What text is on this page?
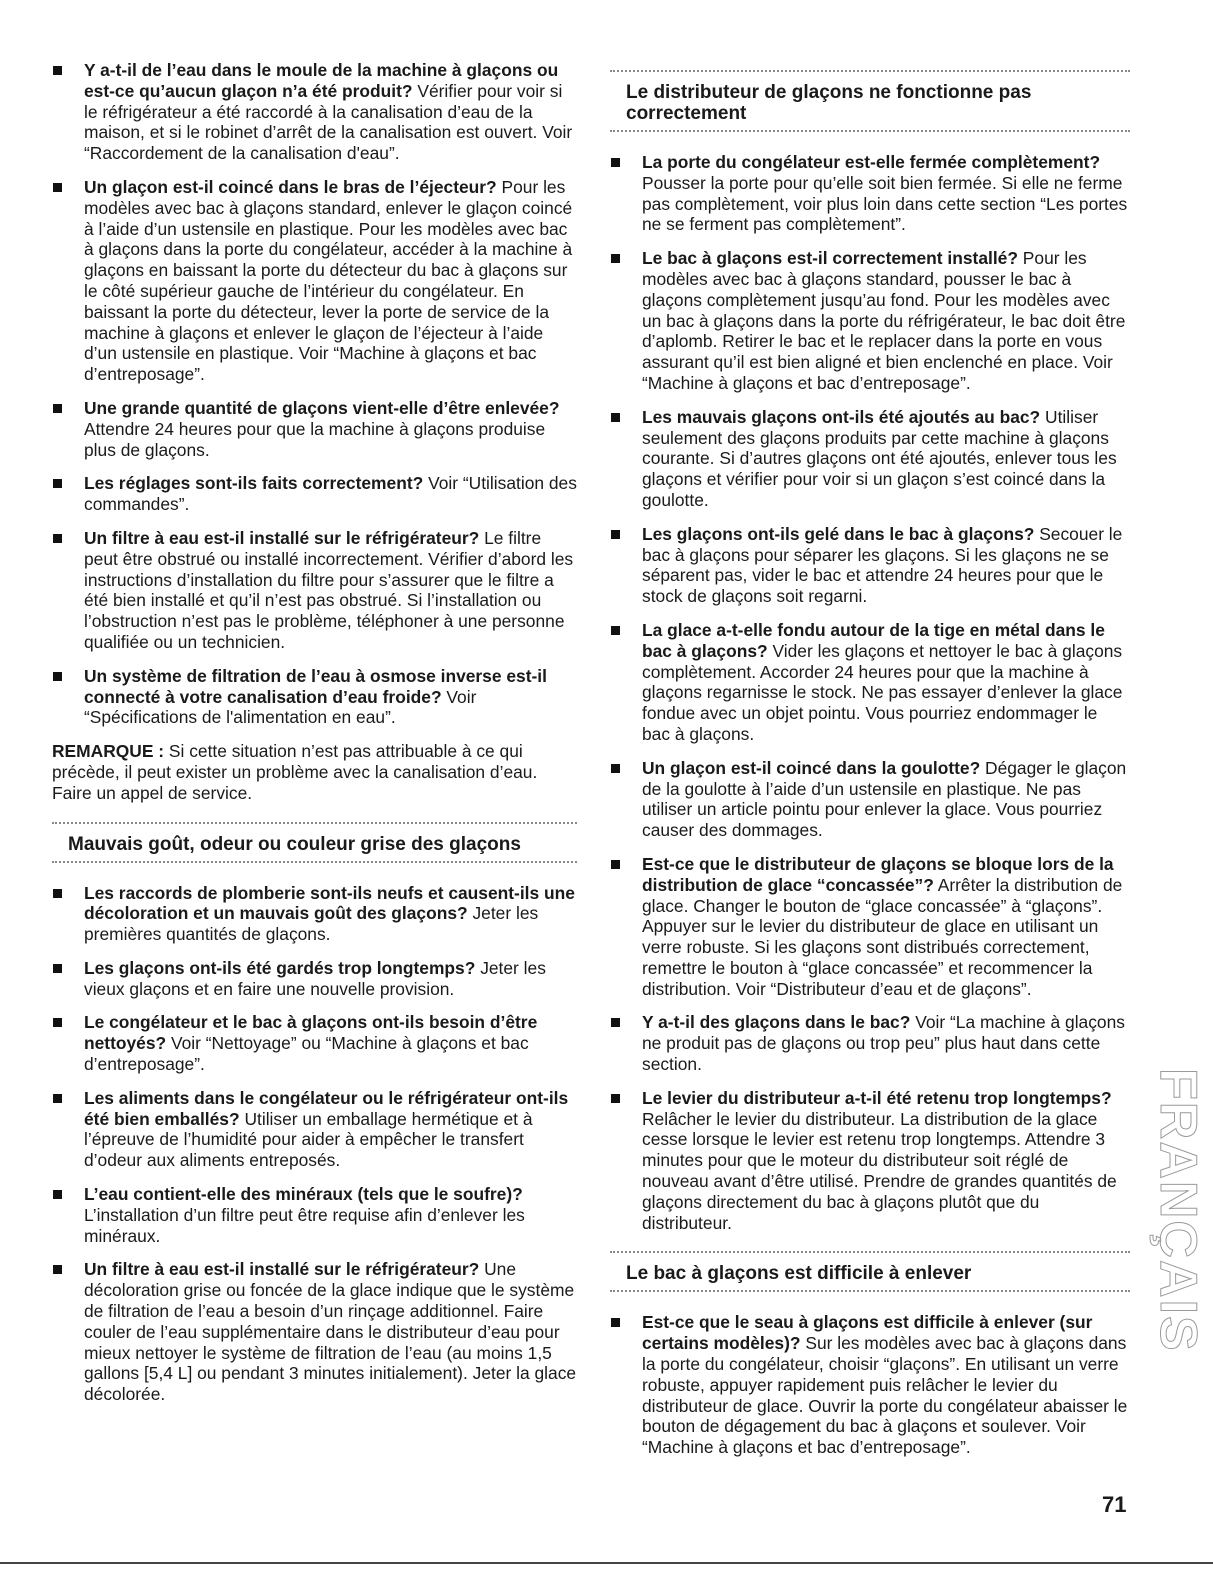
Y a-t-il de l’eau dans le moule de la machine à glaçons ou est-ce qu’aucun glaçon n’a été produit? Vérifier pour voir si le réfrigérateur a été raccordé à la canalisation d’eau de la maison, et si le robinet d’arrêt de la canalisation est ouvert. Voir “Raccordement de la canalisation d'eau”.
Un glaçon est-il coincé dans le bras de l’éjecteur? Pour les modèles avec bac à glaçons standard, enlever le glaçon coincé à l’aide d’un ustensile en plastique. Pour les modèles avec bac à glaçons dans la porte du congélateur, accéder à la machine à glaçons en baissant la porte du détecteur du bac à glaçons sur le côté supérieur gauche de l’intérieur du congélateur. En baissant la porte du détecteur, lever la porte de service de la machine à glaçons et enlever le glaçon de l’éjecteur à l’aide d’un ustensile en plastique. Voir “Machine à glaçons et bac d’entreposage”.
Une grande quantité de glaçons vient-elle d’être enlevée? Attendre 24 heures pour que la machine à glaçons produise plus de glaçons.
Les réglages sont-ils faits correctement? Voir “Utilisation des commandes”.
Un filtre à eau est-il installé sur le réfrigérateur? Le filtre peut être obstrué ou installé incorrectement. Vérifier d’abord les instructions d’installation du filtre pour s’assurer que le filtre a été bien installé et qu’il n’est pas obstrué. Si l’installation ou l’obstruction n’est pas le problème, téléphoner à une personne qualifiée ou un technicien.
Un système de filtration de l’eau à osmose inverse est-il connecté à votre canalisation d’eau froide? Voir “Spécifications de l'alimentation en eau”.
REMARQUE : Si cette situation n’est pas attribuable à ce qui précède, il peut exister un problème avec la canalisation d’eau. Faire un appel de service.
Mauvais goût, odeur ou couleur grise des glaçons
Les raccords de plomberie sont-ils neufs et causent-ils une décoloration et un mauvais goût des glaçons? Jeter les premières quantités de glaçons.
Les glaçons ont-ils été gardés trop longtemps? Jeter les vieux glaçons et en faire une nouvelle provision.
Le congélateur et le bac à glaçons ont-ils besoin d’être nettoyés? Voir “Nettoyage” ou “Machine à glaçons et bac d’entreposage”.
Les aliments dans le congélateur ou le réfrigérateur ont-ils été bien emballés? Utiliser un emballage hermétique et à l’épreuve de l’humidité pour aider à empêcher le transfert d’odeur aux aliments entreposés.
L’eau contient-elle des minéraux (tels que le soufre)? L’installation d’un filtre peut être requise afin d’enlever les minéraux.
Un filtre à eau est-il installé sur le réfrigérateur? Une décoloration grise ou foncée de la glace indique que le système de filtration de l’eau a besoin d’un rinçage additionnel. Faire couler de l’eau supplémentaire dans le distributeur d’eau pour mieux nettoyer le système de filtration de l’eau (au moins 1,5 gallons [5,4 L] ou pendant 3 minutes initialement). Jeter la glace décolorée.
Le distributeur de glaçons ne fonctionne pas correctement
La porte du congélateur est-elle fermée complètement? Pousser la porte pour qu’elle soit bien fermée. Si elle ne ferme pas complètement, voir plus loin dans cette section “Les portes ne se ferment pas complètement”.
Le bac à glaçons est-il correctement installé? Pour les modèles avec bac à glaçons standard, pousser le bac à glaçons complètement jusqu’au fond. Pour les modèles avec un bac à glaçons dans la porte du réfrigérateur, le bac doit être d’aplomb. Retirer le bac et le replacer dans la porte en vous assurant qu’il est bien aligné et bien enclenché en place. Voir “Machine à glaçons et bac d’entreposage”.
Les mauvais glaçons ont-ils été ajoutés au bac? Utiliser seulement des glaçons produits par cette machine à glaçons courante. Si d’autres glaçons ont été ajoutés, enlever tous les glaçons et vérifier pour voir si un glaçon s’est coincé dans la goulotte.
Les glaçons ont-ils gelé dans le bac à glaçons? Secouer le bac à glaçons pour séparer les glaçons. Si les glaçons ne se séparent pas, vider le bac et attendre 24 heures pour que le stock de glaçons soit regarni.
La glace a-t-elle fondu autour de la tige en métal dans le bac à glaçons? Vider les glaçons et nettoyer le bac à glaçons complètement. Accorder 24 heures pour que la machine à glaçons regarnisse le stock. Ne pas essayer d’enlever la glace fondue avec un objet pointu. Vous pourriez endommager le bac à glaçons.
Un glaçon est-il coincé dans la goulotte? Dégager le glaçon de la goulotte à l’aide d’un ustensile en plastique. Ne pas utiliser un article pointu pour enlever la glace. Vous pourriez causer des dommages.
Est-ce que le distributeur de glaçons se bloque lors de la distribution de glace “concassée”? Arrêter la distribution de glace. Changer le bouton de “glace concassée” à “glaçons”. Appuyer sur le levier du distributeur de glace en utilisant un verre robuste. Si les glaçons sont distribués correctement, remettre le bouton à “glace concassée” et recommencer la distribution. Voir “Distributeur d’eau et de glaçons”.
Y a-t-il des glaçons dans le bac? Voir “La machine à glaçons ne produit pas de glaçons ou trop peu” plus haut dans cette section.
Le levier du distributeur a-t-il été retenu trop longtemps? Relâcher le levier du distributeur. La distribution de la glace cesse lorsque le levier est retenu trop longtemps. Attendre 3 minutes pour que le moteur du distributeur soit réglé de nouveau avant d’être utilisé. Prendre de grandes quantités de glaçons directement du bac à glaçons plutôt que du distributeur.
Le bac à glaçons est difficile à enlever
Est-ce que le seau à glaçons est difficile à enlever (sur certains modèles)? Sur les modèles avec bac à glaçons dans la porte du congélateur, choisir “glaçons”. En utilisant un verre robuste, appuyer rapidement puis relâcher le levier du distributeur de glace. Ouvrir la porte du congélateur abaisser le bouton de dégagement du bac à glaçons et soulever. Voir “Machine à glaçons et bac d’entreposage”.
FRANÇAIS
71
